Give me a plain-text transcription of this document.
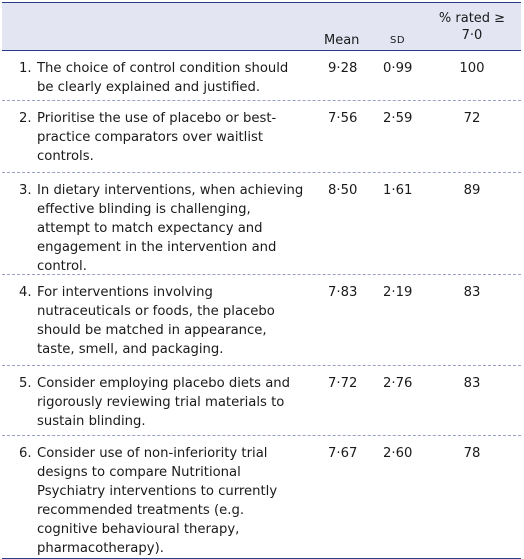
Mean	SD
% rated ≥
7·0
1. The choice of control condition should be clearly explained and justified.
9·28 0·99	100
2. Prioritise the use of placebo or best-practice comparators over waitlist controls.
7·56 2·59	72
3. In dietary interventions, when achieving effective blinding is challenging, attempt to match expectancy and engagement in the intervention and control.
8·50 1·61	89
4. For interventions involving nutraceuticals or foods, the placebo should be matched in appearance, taste, smell, and packaging.
7·83 2·19	83
5. Consider employing placebo diets and rigorously reviewing trial materials to sustain blinding.
7·72 2·76	83
6. Consider use of non-inferiority trial designs to compare Nutritional Psychiatry interventions to currently recommended treatments (e.g. cognitive behavioural therapy, pharmacotherapy).
7·67 2·60	78
